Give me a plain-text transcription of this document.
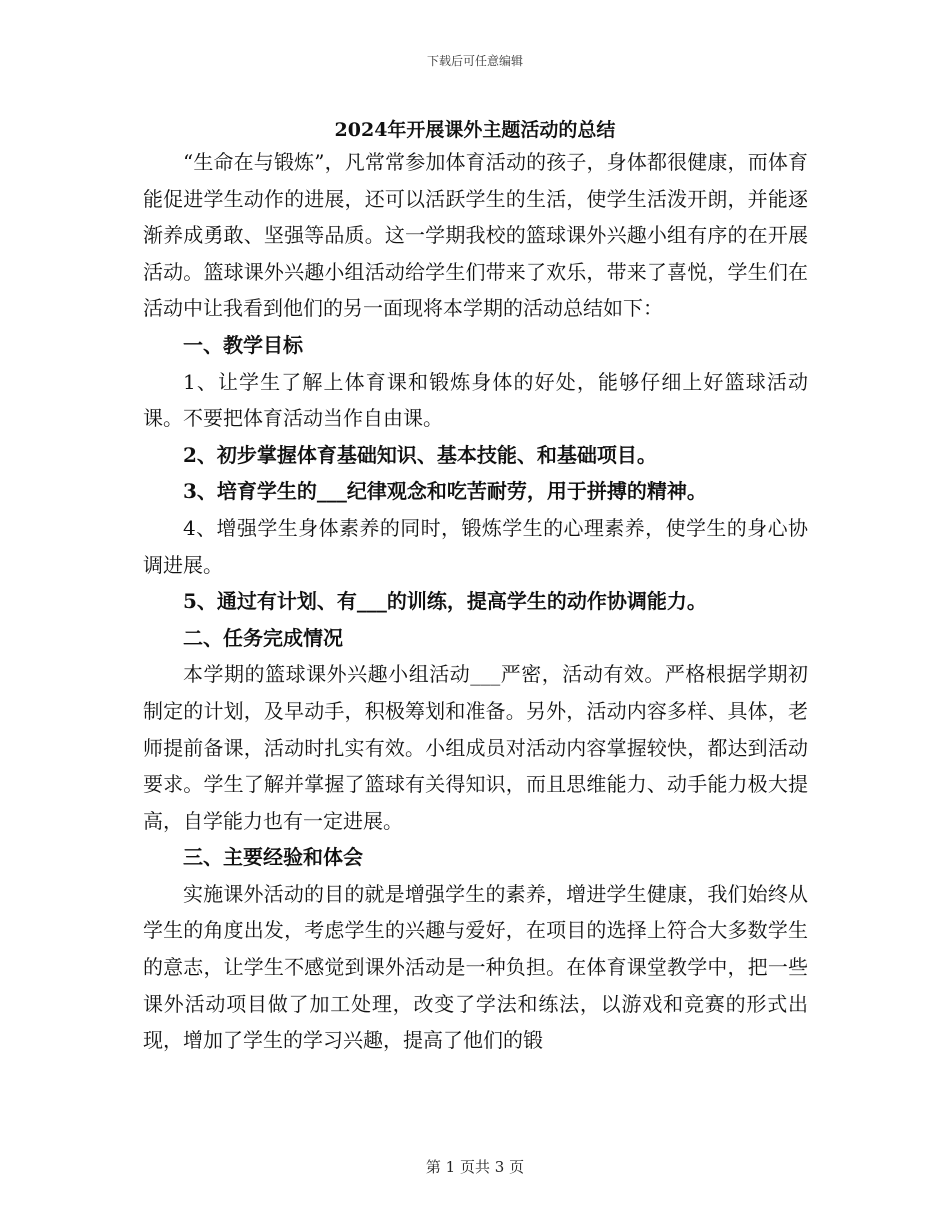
下载后可任意编辑
2024年开展课外主题活动的总结

“生命在与锻炼”，凡常常参加体育活动的孩子，身体都很健康，而体育能促进学生动作的进展，还可以活跃学生的生活，使学生活泼开朗，并能逐渐养成勇敢、坚强等品质。这一学期我校的篮球课外兴趣小组有序的在开展活动。篮球课外兴趣小组活动给学生们带来了欢乐，带来了喜悦，学生们在活动中让我看到他们的另一面现将本学期的活动总结如下：

一、教学目标

1、让学生了解上体育课和锻炼身体的好处，能够仔细上好篮球活动课。不要把体育活动当作自由课。

2、初步掌握体育基础知识、基本技能、和基础项目。

3、培育学生的___纪律观念和吃苦耐劳，用于拼搏的精神。

4、增强学生身体素养的同时，锻炼学生的心理素养，使学生的身心协调进展。

5、通过有计划、有___的训练，提高学生的动作协调能力。

二、任务完成情况

本学期的篮球课外兴趣小组活动___严密，活动有效。严格根据学期初制定的计划，及早动手，积极筹划和准备。另外，活动内容多样、具体，老师提前备课，活动时扎实有效。小组成员对活动内容掌握较快，都达到活动要求。学生了解并掌握了篮球有关得知识，而且思维能力、动手能力极大提高，自学能力也有一定进展。

三、主要经验和体会

实施课外活动的目的就是增强学生的素养，增进学生健康，我们始终从学生的角度出发，考虑学生的兴趣与爱好，在项目的选择上符合大多数学生的意志，让学生不感觉到课外活动是一种负担。在体育课堂教学中，把一些课外活动项目做了加工处理，改变了学法和练法，以游戏和竞赛的形式出现，增加了学生的学习兴趣，提高了他们的锻

第 1 页共 3 页
